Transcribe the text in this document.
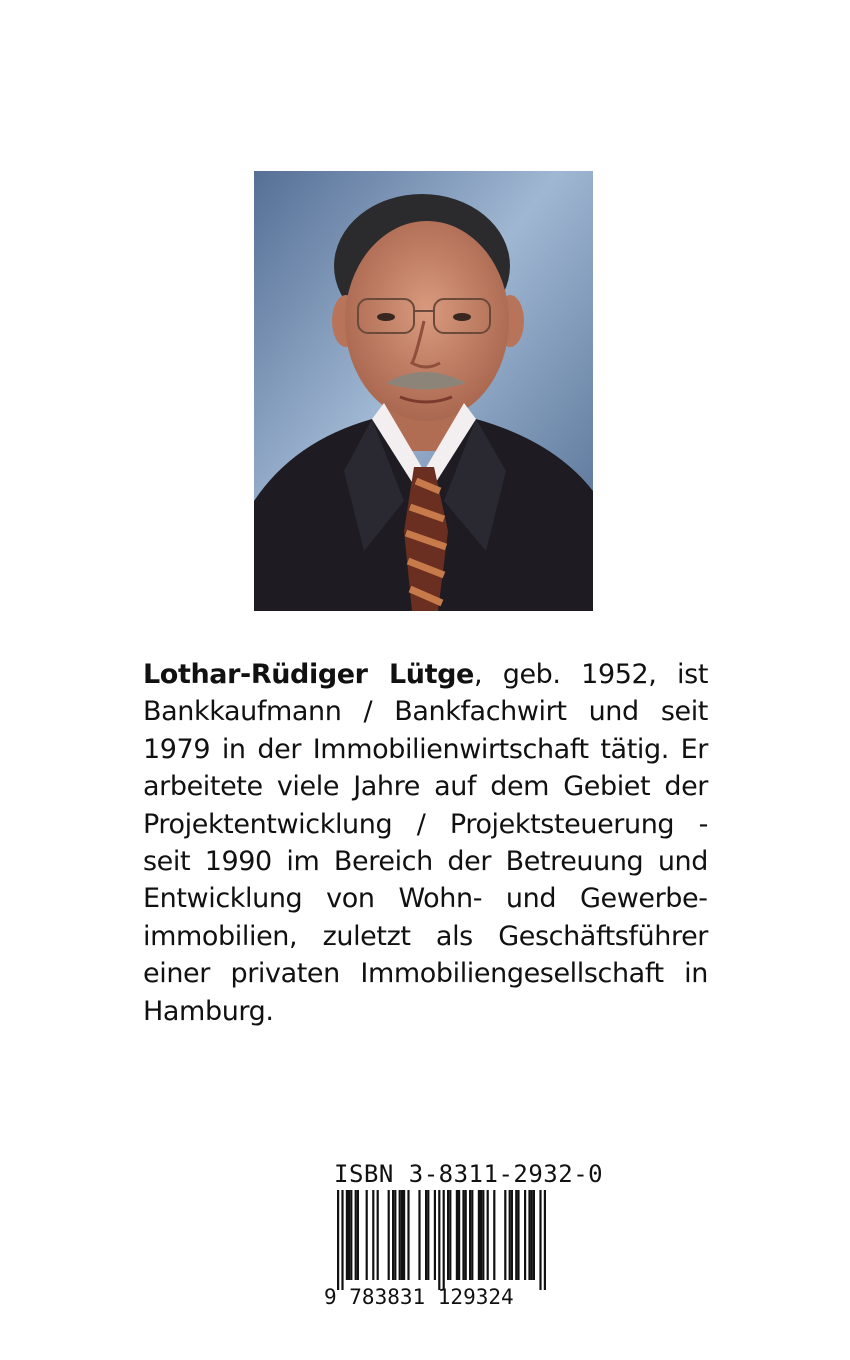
Lothar-Rüdiger Lütge, geb. 1952, ist Bankkaufmann / Bankfachwirt und seit 1979 in der Immobilienwirtschaft tätig. Er arbeitete viele Jahre auf dem Gebiet der Projektentwicklung / Projektsteuerung - seit 1990 im Bereich der Betreuung und Entwicklung von Wohn- und Gewerbeimmobilien, zuletzt als Geschäftsführer einer privaten Immobiliengesellschaft in Hamburg.

ISBN 3-8311-2932-0
9 783831 129324
